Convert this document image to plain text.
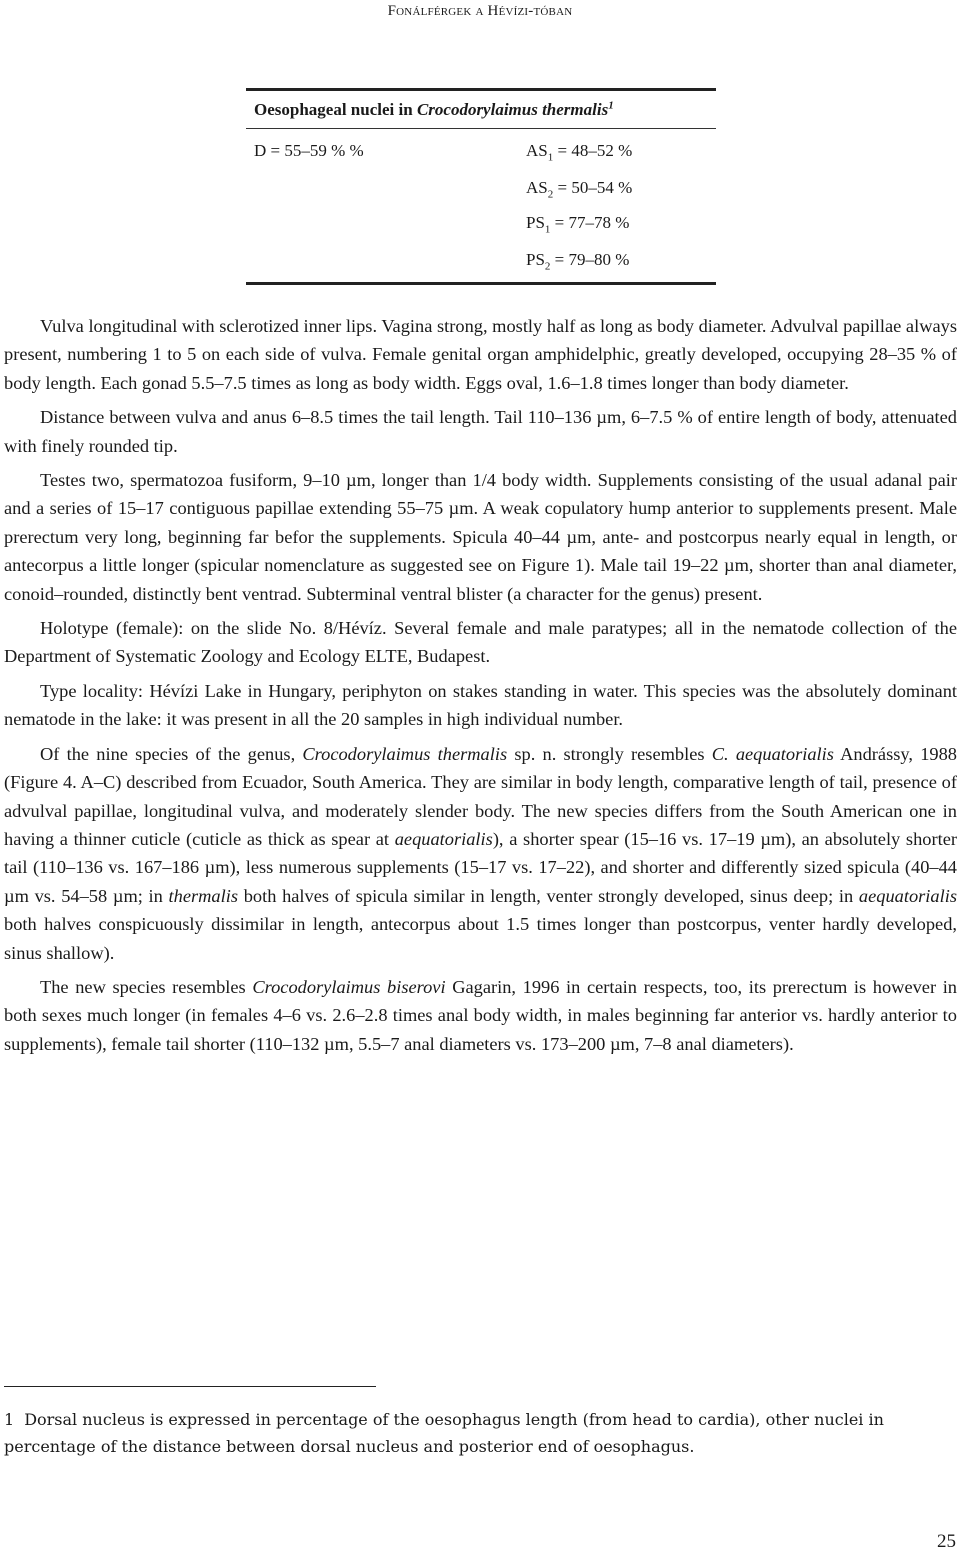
Fonálférgek a Hévízi-tóban
Oesophageal nuclei in Crocodorylaimus thermalis$^1$
D = 55–59 % %	$AS_1 = 48-52$ %
$AS_2 = 50-54$ %
$PS_1 = 77-78$ %
$PS_2 = 79-80$ %

Vulva longitudinal with sclerotized inner lips. Vagina strong, mostly half as long as body diameter. Advulval papillae always present, numbering 1 to 5 on each side of vulva. Female genital organ amphidelphic, greatly developed, occupying 28–35 % of body length. Each gonad 5.5–7.5 times as long as body width. Eggs oval, 1.6–1.8 times longer than body diameter.

Distance between vulva and anus 6–8.5 times the tail length. Tail 110–136 µm, 6–7.5 % of entire length of body, attenuated with finely rounded tip.

Testes two, spermatozoa fusiform, 9–10 µm, longer than 1/4 body width. Supplements consisting of the usual adanal pair and a series of 15–17 contiguous papillae extending 55–75 µm. A weak copulatory hump anterior to supplements present. Male prerectum very long, beginning far befor the supplements. Spicula 40–44 µm, ante- and postcorpus nearly equal in length, or antecorpus a little longer (spicular nomenclature as suggested see on Figure 1). Male tail 19–22 µm, shorter than anal diameter, conoid–rounded, distinctly bent ventrad. Subterminal ventral blister (a character for the genus) present.

Holotype (female): on the slide No. 8/Hévíz. Several female and male paratypes; all in the nematode collection of the Department of Systematic Zoology and Ecology ELTE, Budapest.

Type locality: Hévízi Lake in Hungary, periphyton on stakes standing in water. This species was the absolutely dominant nematode in the lake: it was present in all the 20 samples in high individual number.

Of the nine species of the genus, Crocodorylaimus thermalis sp. n. strongly resembles C. aequatorialis Andrássy, 1988 (Figure 4. A–C) described from Ecuador, South America. They are similar in body length, comparative length of tail, presence of advulval papillae, longitudinal vulva, and moderately slender body. The new species differs from the South American one in having a thinner cuticle (cuticle as thick as spear at aequatorialis), a shorter spear (15–16 vs. 17–19 µm), an absolutely shorter tail (110–136 vs. 167–186 µm), less numerous supplements (15–17 vs. 17–22), and shorter and differently sized spicula (40–44 µm vs. 54–58 µm; in thermalis both halves of spicula similar in length, venter strongly developed, sinus deep; in aequatorialis both halves conspicuously dissimilar in length, antecorpus about 1.5 times longer than postcorpus, venter hardly developed, sinus shallow).

The new species resembles Crocodorylaimus biserovi Gagarin, 1996 in certain respects, too, its prerectum is however in both sexes much longer (in females 4–6 vs. 2.6–2.8 times anal body width, in males beginning far anterior vs. hardly anterior to supplements), female tail shorter (110–132 µm, 5.5–7 anal diameters vs. 173–200 µm, 7–8 anal diameters).

1 Dorsal nucleus is expressed in percentage of the oesophagus length (from head to cardia), other nuclei in percentage of the distance between dorsal nucleus and posterior end of oesophagus.
25
